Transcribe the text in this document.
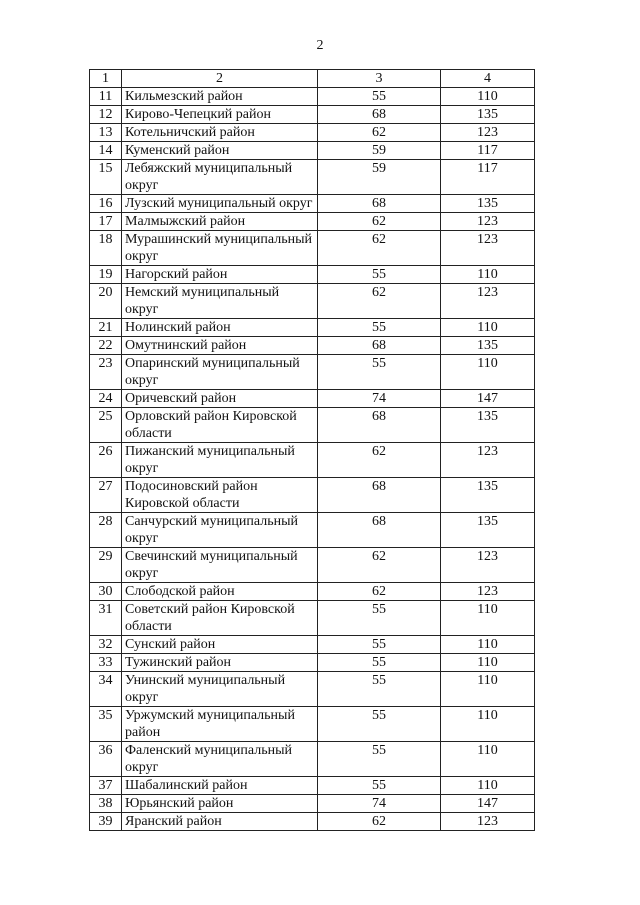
2
1	2	3	4
11	Кильмезский район	55	110
12	Кирово-Чепецкий район	68	135
13	Котельничский район	62	123
14	Куменский район	59	117
15	Лебяжский муниципальный округ	59	117
16	Лузский муниципальный округ	68	135
17	Малмыжский район	62	123
18	Мурашинский муниципальный округ	62	123
19	Нагорский район	55	110
20	Немский муниципальный округ	62	123
21	Нолинский район	55	110
22	Омутнинский район	68	135
23	Опаринский муниципальный округ	55	110
24	Оричевский район	74	147
25	Орловский район Кировской области	68	135
26	Пижанский муниципальный округ	62	123
27	Подосиновский район Кировской области	68	135
28	Санчурский муниципальный округ	68	135
29	Свечинский муниципальный округ	62	123
30	Слободской район	62	123
31	Советский район Кировской области	55	110
32	Сунский район	55	110
33	Тужинский район	55	110
34	Унинский муниципальный округ	55	110
35	Уржумский муниципальный район	55	110
36	Фаленский муниципальный округ	55	110
37	Шабалинский район	55	110
38	Юрьянский район	74	147
39	Яранский район	62	123
